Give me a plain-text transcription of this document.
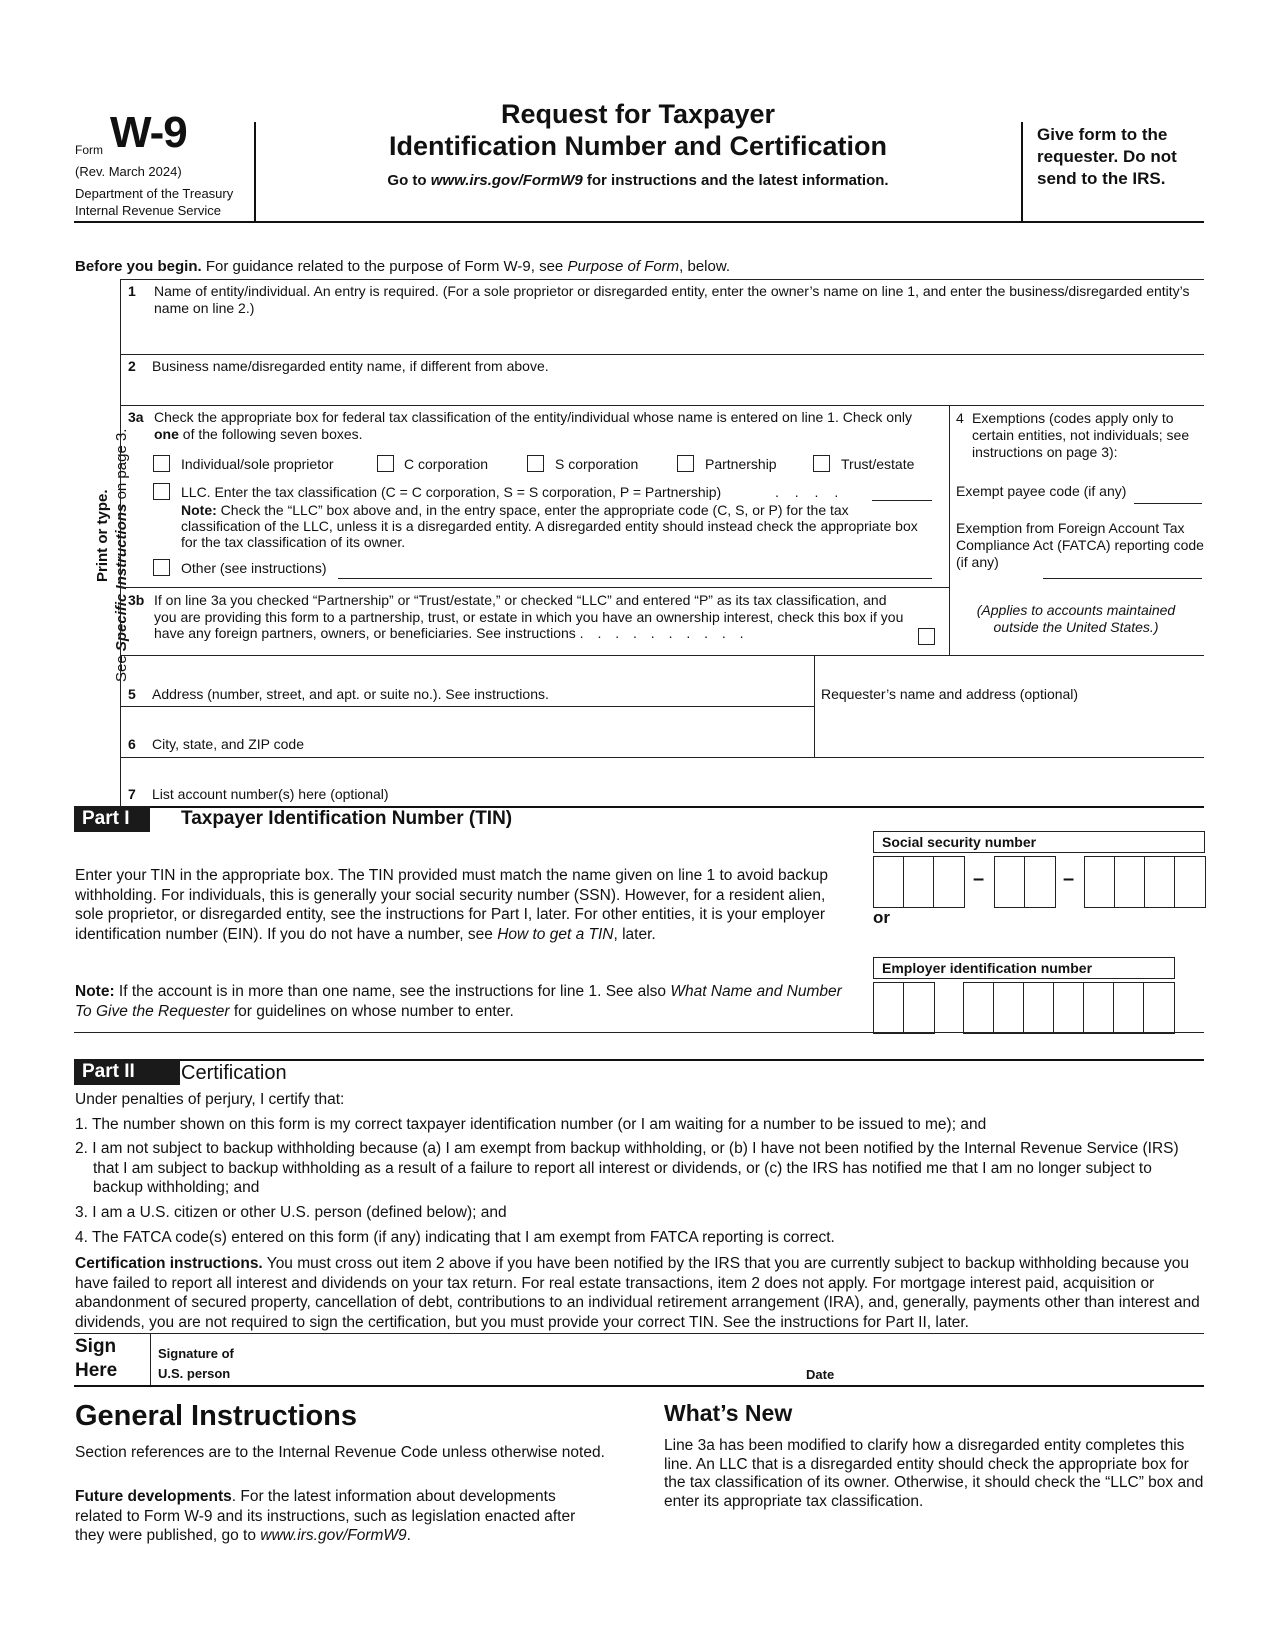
Form W-9
(Rev. March 2024)
Department of the Treasury
Internal Revenue Service
Request for Taxpayer
Identification Number and Certification
Go to www.irs.gov/FormW9 for instructions and the latest information.
Give form to the requester. Do not send to the IRS.
Before you begin. For guidance related to the purpose of Form W-9, see Purpose of Form, below.
Print or type.
See Specific Instructions on page 3.
1	Name of entity/individual. An entry is required. (For a sole proprietor or disregarded entity, enter the owner’s name on line 1, and enter the business/disregarded entity’s name on line 2.)
2 Business name/disregarded entity name, if different from above.
3a Check the appropriate box for federal tax classification of the entity/individual whose name is entered on line 1. Check only one of the following seven boxes.
Individual/sole proprietor	C corporation	S corporation	Partnership	Trust/estate
LLC. Enter the tax classification (C = C corporation, S = S corporation, P = Partnership)	. . . .
Note: Check the “LLC” box above and, in the entry space, enter the appropriate code (C, S, or P) for the tax classification of the LLC, unless it is a disregarded entity. A disregarded entity should instead check the appropriate box for the tax classification of its owner.
Other (see instructions)
3b If on line 3a you checked “Partnership” or “Trust/estate,” or checked “LLC” and entered “P” as its tax classification, and you are providing this form to a partnership, trust, or estate in which you have an ownership interest, check this box if you have any foreign partners, owners, or beneficiaries. See instructions . . . . . . . . . .
4 Exemptions (codes apply only to certain entities, not individuals; see instructions on page 3):
Exempt payee code (if any)
Exemption from Foreign Account Tax Compliance Act (FATCA) reporting code (if any)
(Applies to accounts maintained outside the United States.)
5 Address (number, street, and apt. or suite no.). See instructions.	Requester’s name and address (optional)
6 City, state, and ZIP code
7 List account number(s) here (optional)
Part I	Taxpayer Identification Number (TIN)
Enter your TIN in the appropriate box. The TIN provided must match the name given on line 1 to avoid backup withholding. For individuals, this is generally your social security number (SSN). However, for a resident alien, sole proprietor, or disregarded entity, see the instructions for Part I, later. For other entities, it is your employer identification number (EIN). If you do not have a number, see How to get a TIN, later.
Note: If the account is in more than one name, see the instructions for line 1. See also What Name and Number To Give the Requester for guidelines on whose number to enter.
Social security number
–	–
or
Employer identification number
Part II	Certification
Under penalties of perjury, I certify that:
1. The number shown on this form is my correct taxpayer identification number (or I am waiting for a number to be issued to me); and
2. I am not subject to backup withholding because (a) I am exempt from backup withholding, or (b) I have not been notified by the Internal Revenue Service (IRS) that I am subject to backup withholding as a result of a failure to report all interest or dividends, or (c) the IRS has notified me that I am no longer subject to backup withholding; and
3. I am a U.S. citizen or other U.S. person (defined below); and
4. The FATCA code(s) entered on this form (if any) indicating that I am exempt from FATCA reporting is correct.
Certification instructions. You must cross out item 2 above if you have been notified by the IRS that you are currently subject to backup withholding because you have failed to report all interest and dividends on your tax return. For real estate transactions, item 2 does not apply. For mortgage interest paid, acquisition or abandonment of secured property, cancellation of debt, contributions to an individual retirement arrangement (IRA), and, generally, payments other than interest and dividends, you are not required to sign the certification, but you must provide your correct TIN. See the instructions for Part II, later.
Sign
Here
Signature of
U.S. person	Date
General Instructions
Section references are to the Internal Revenue Code unless otherwise noted.
Future developments. For the latest information about developments related to Form W-9 and its instructions, such as legislation enacted after they were published, go to www.irs.gov/FormW9.
What’s New
Line 3a has been modified to clarify how a disregarded entity completes this line. An LLC that is a disregarded entity should check the appropriate box for the tax classification of its owner. Otherwise, it should check the “LLC” box and enter its appropriate tax classification.
